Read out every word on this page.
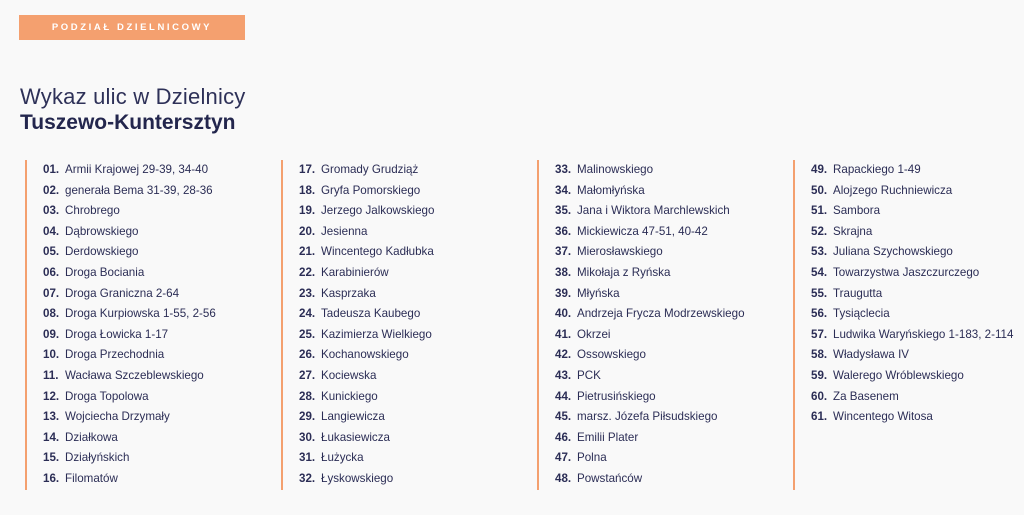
PODZIAŁ DZIELNICOWY
Wykaz ulic w Dzielnicy
Tuszewo-Kuntersztyn
01. Armii Krajowej 29-39, 34-40
02. generała Bema 31-39, 28-36
03. Chrobrego
04. Dąbrowskiego
05. Derdowskiego
06. Droga Bociania
07. Droga Graniczna 2-64
08. Droga Kurpiowska 1-55, 2-56
09. Droga Łowicka 1-17
10. Droga Przechodnia
11. Wacława Szczeblewskiego
12. Droga Topolowa
13. Wojciecha Drzymały
14. Działkowa
15. Działyńskich
16. Filomatów
17. Gromady Grudziąż
18. Gryfa Pomorskiego
19. Jerzego Jalkowskiego
20. Jesienna
21. Wincentego Kadłubka
22. Karabinierów
23. Kasprzaka
24. Tadeusza Kaubego
25. Kazimierza Wielkiego
26. Kochanowskiego
27. Kociewska
28. Kunickiego
29. Langiewicza
30. Łukasiewicza
31. Łużycka
32. Łyskowskiego
33. Malinowskiego
34. Małomłyńska
35. Jana i Wiktora Marchlewskich
36. Mickiewicza 47-51, 40-42
37. Mierosławskiego
38. Mikołaja z Ryńska
39. Młyńska
40. Andrzeja Frycza Modrzewskiego
41. Okrzei
42. Ossowskiego
43. PCK
44. Pietrusińskiego
45. marsz. Józefa Piłsudskiego
46. Emilii Plater
47. Polna
48. Powstańców
49. Rapackiego 1-49
50. Alojzego Ruchniewicza
51. Sambora
52. Skrajna
53. Juliana Szychowskiego
54. Towarzystwa Jaszczurczego
55. Traugutta
56. Tysiąclecia
57. Ludwika Waryńskiego 1-183, 2-114
58. Władysława IV
59. Walerego Wróblewskiego
60. Za Basenem
61. Wincentego Witosa
